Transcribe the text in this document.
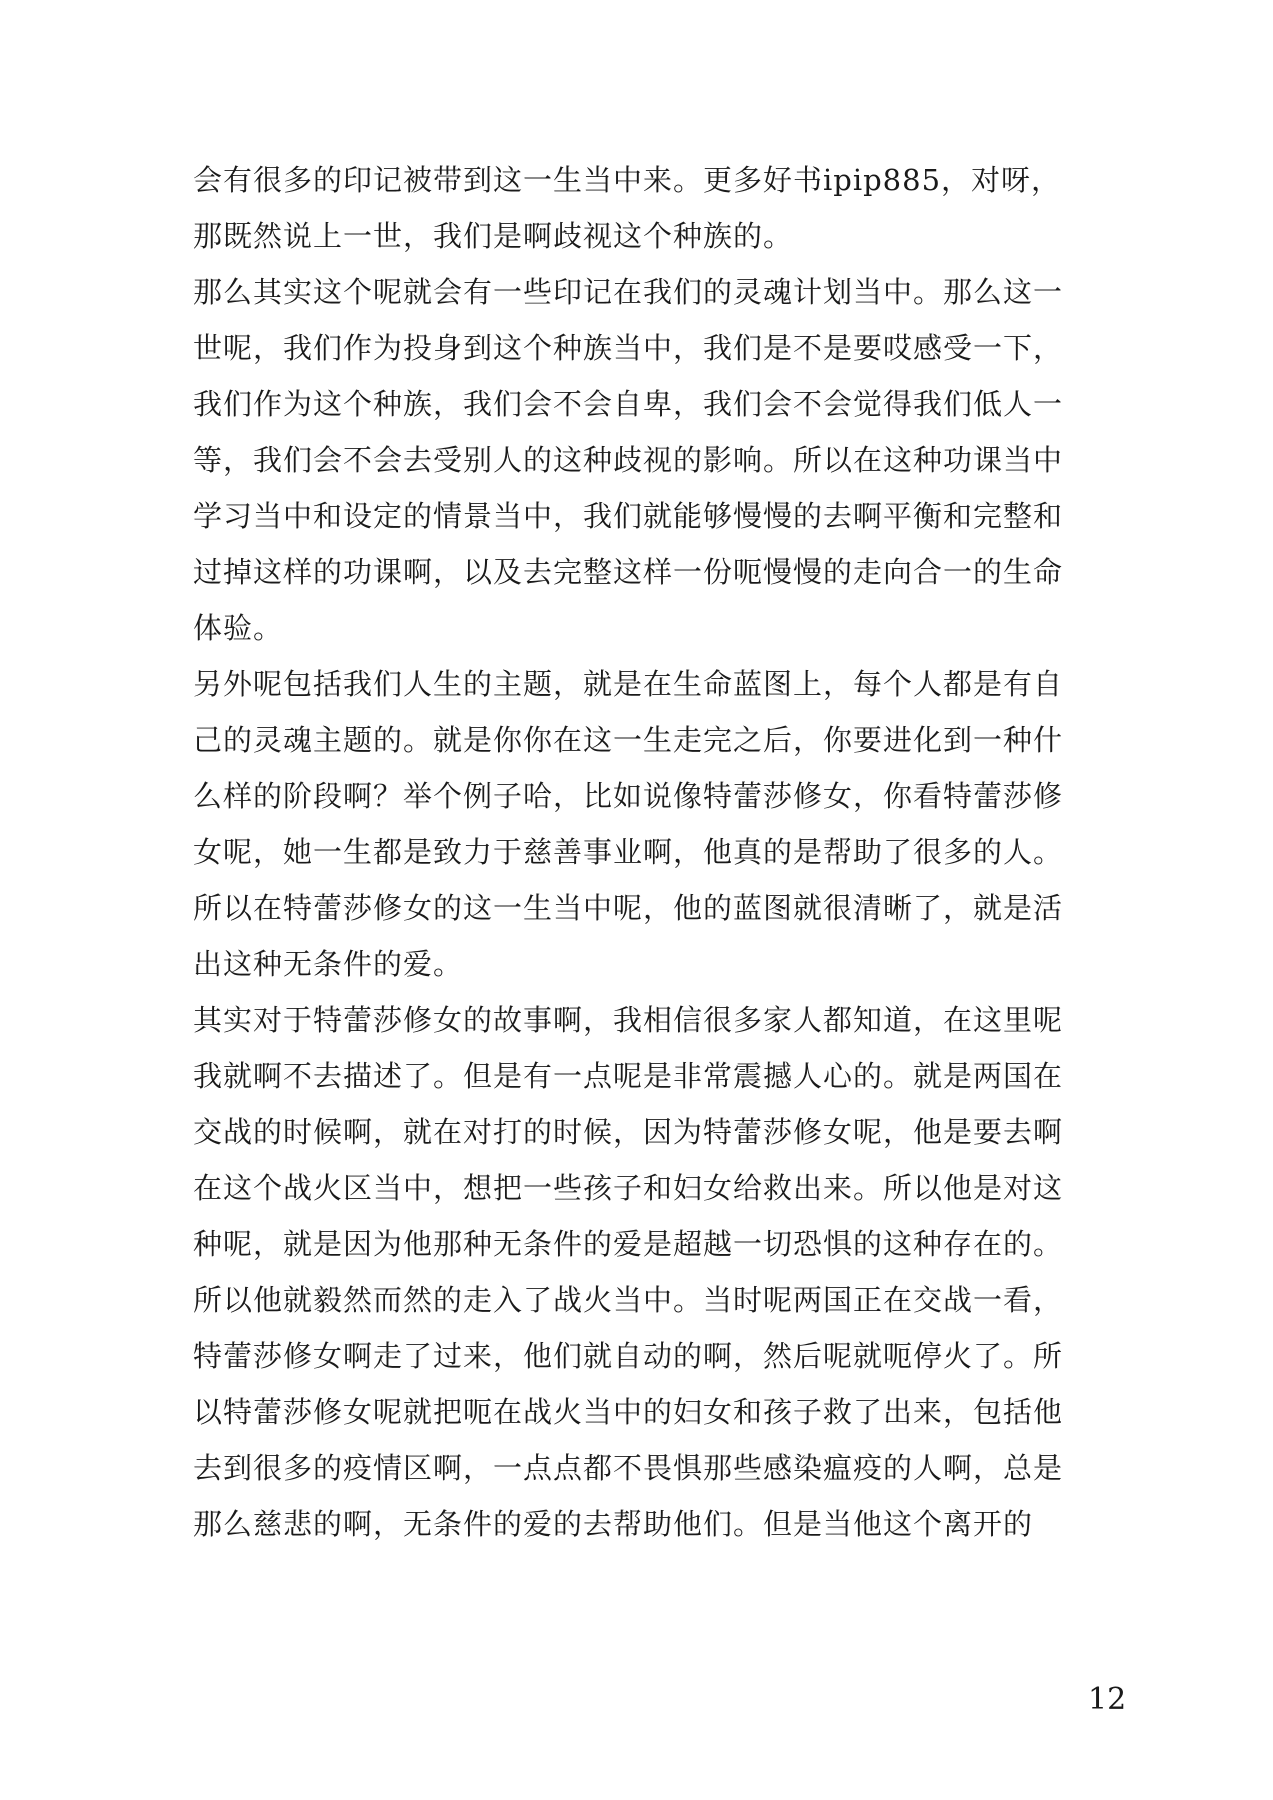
会有很多的印记被带到这一生当中来。更多好书ipip885，对呀，
那既然说上一世，我们是啊歧视这个种族的。
那么其实这个呢就会有一些印记在我们的灵魂计划当中。那么这一
世呢，我们作为投身到这个种族当中，我们是不是要哎感受一下，
我们作为这个种族，我们会不会自卑，我们会不会觉得我们低人一
等，我们会不会去受别人的这种歧视的影响。所以在这种功课当中
学习当中和设定的情景当中，我们就能够慢慢的去啊平衡和完整和
过掉这样的功课啊，以及去完整这样一份呃慢慢的走向合一的生命
体验。
另外呢包括我们人生的主题，就是在生命蓝图上，每个人都是有自
己的灵魂主题的。就是你你在这一生走完之后，你要进化到一种什
么样的阶段啊？举个例子哈，比如说像特蕾莎修女，你看特蕾莎修
女呢，她一生都是致力于慈善事业啊，他真的是帮助了很多的人。
所以在特蕾莎修女的这一生当中呢，他的蓝图就很清晰了，就是活
出这种无条件的爱。
其实对于特蕾莎修女的故事啊，我相信很多家人都知道，在这里呢
我就啊不去描述了。但是有一点呢是非常震撼人心的。就是两国在
交战的时候啊，就在对打的时候，因为特蕾莎修女呢，他是要去啊
在这个战火区当中，想把一些孩子和妇女给救出来。所以他是对这
种呢，就是因为他那种无条件的爱是超越一切恐惧的这种存在的。
所以他就毅然而然的走入了战火当中。当时呢两国正在交战一看，
特蕾莎修女啊走了过来，他们就自动的啊，然后呢就呃停火了。所
以特蕾莎修女呢就把呃在战火当中的妇女和孩子救了出来，包括他
去到很多的疫情区啊，一点点都不畏惧那些感染瘟疫的人啊，总是
那么慈悲的啊，无条件的爱的去帮助他们。但是当他这个离开的
12
